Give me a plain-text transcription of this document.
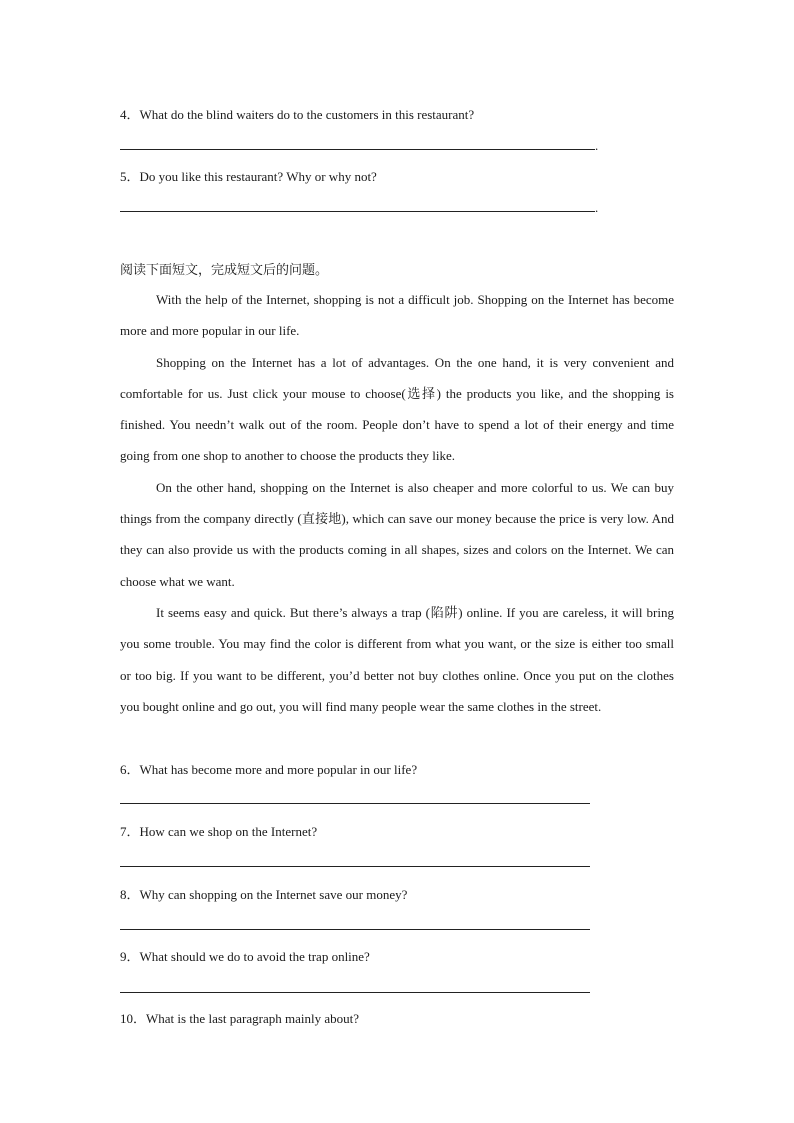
4．What do the blind waiters do to the customers in this restaurant?
.
5．Do you like this restaurant? Why or why not?
.
阅读下面短文，完成短文后的问题。

With the help of the Internet, shopping is not a difficult job. Shopping on the Internet has become more and more popular in our life.

Shopping on the Internet has a lot of advantages. On the one hand, it is very convenient and comfortable for us. Just click your mouse to choose(选择) the products you like, and the shopping is finished. You needn’t walk out of the room. People don’t have to spend a lot of their energy and time going from one shop to another to choose the products they like.

On the other hand, shopping on the Internet is also cheaper and more colorful to us. We can buy things from the company directly (直接地), which can save our money because the price is very low. And they can also provide us with the products coming in all shapes, sizes and colors on the Internet. We can choose what we want.

It seems easy and quick. But there’s always a trap (陷阱) online. If you are careless, it will bring you some trouble. You may find the color is different from what you want, or the size is either too small or too big. If you want to be different, you’d better not buy clothes online. Once you put on the clothes you bought online and go out, you will find many people wear the same clothes in the street.

6．What has become more and more popular in our life?
7．How can we shop on the Internet?
8．Why can shopping on the Internet save our money?
9．What should we do to avoid the trap online?
10．What is the last paragraph mainly about?
